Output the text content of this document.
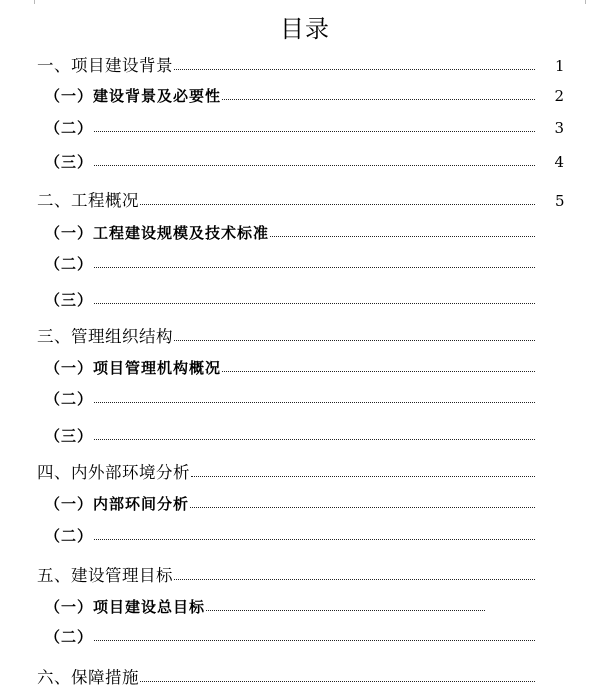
目录
一、项目建设背景	1
（一）建设背景及必要性	2
（二）	3
（三）	4
二、工程概况	5
（一）工程建设规模及技术标准
（二）
（三）
三、管理组织结构
（一）项目管理机构概况
（二）
（三）
四、内外部环境分析
（一）内部环间分析
（二）
五、建设管理目标
（一）项目建设总目标
（二）
六、保障措施
